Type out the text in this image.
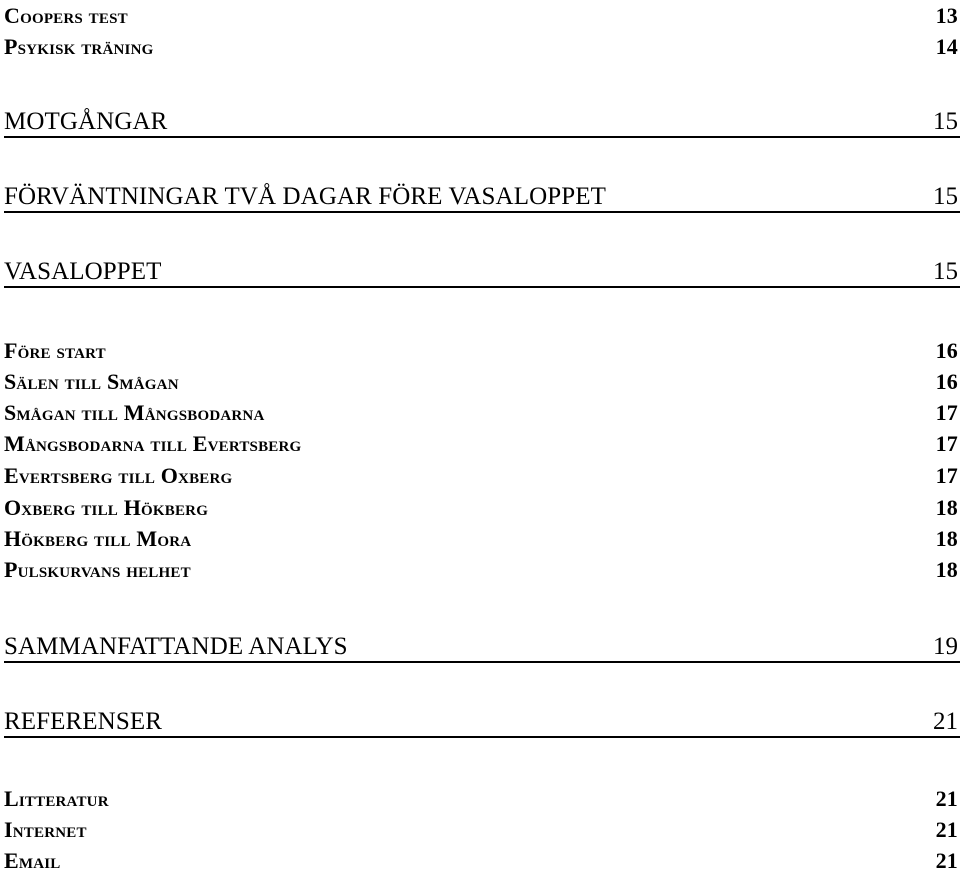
Coopers test	13
Psykisk träning	14
MOTGÅNGAR	15
FÖRVÄNTNINGAR TVÅ DAGAR FÖRE VASALOPPET	15
VASALOPPET	15
Före start	16
Sälen till Smågan	16
Smågan till Mångsbodarna	17
Mångsbodarna till Evertsberg	17
Evertsberg till Oxberg	17
Oxberg till Hökberg	18
Hökberg till Mora	18
Pulskurvans helhet	18
SAMMANFATTANDE ANALYS	19
REFERENSER	21
Litteratur	21
Internet	21
Email	21
